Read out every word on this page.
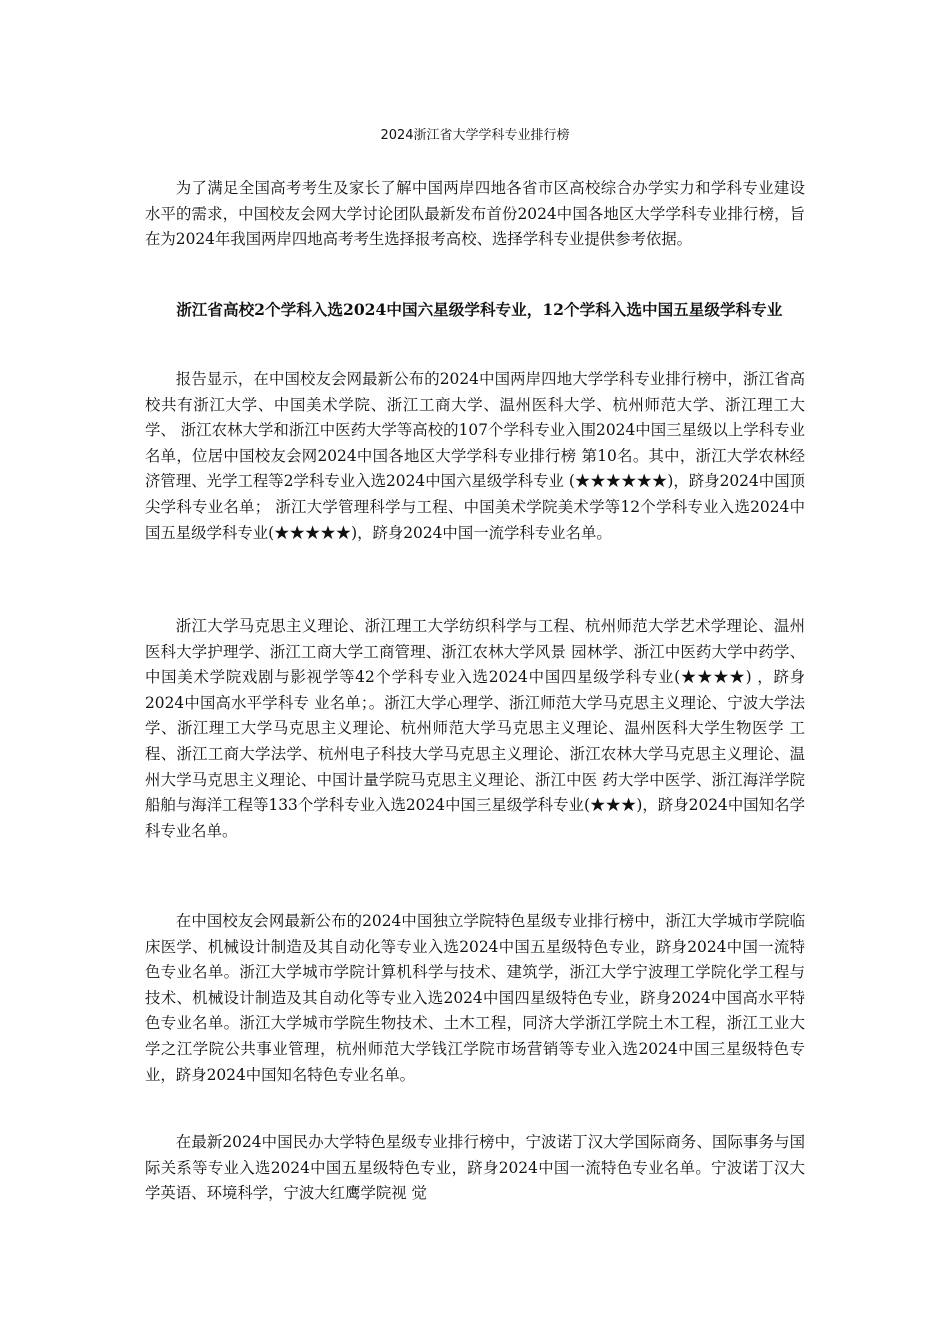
2024浙江省大学学科专业排行榜

为了满足全国高考考生及家长了解中国两岸四地各省市区高校综合办学实力和学科专业建设水平的需求，中国校友会网大学讨论团队最新发布首份2024中国各地区大学学科专业排行榜，旨在为2024年我国两岸四地高考考生选择报考高校、选择学科专业提供参考依据。

浙江省高校2个学科入选2024中国六星级学科专业，12个学科入选中国五星级学科专业

报告显示，在中国校友会网最新公布的2024中国两岸四地大学学科专业排行榜中，浙江省高校共有浙江大学、中国美术学院、浙江工商大学、温州医科大学、杭州师范大学、浙江理工大学、 浙江农林大学和浙江中医药大学等高校的107个学科专业入围2024中国三星级以上学科专业名单，位居中国校友会网2024中国各地区大学学科专业排行榜 第10名。其中，浙江大学农林经济管理、光学工程等2学科专业入选2024中国六星级学科专业 (★★★★★★)，跻身2024中国顶尖学科专业名单； 浙江大学管理科学与工程、中国美术学院美术学等12个学科专业入选2024中国五星级学科专业(★★★★★)，跻身2024中国一流学科专业名单。

浙江大学马克思主义理论、浙江理工大学纺织科学与工程、杭州师范大学艺术学理论、温州医科大学护理学、浙江工商大学工商管理、浙江农林大学风景 园林学、浙江中医药大学中药学、中国美术学院戏剧与影视学等42个学科专业入选2024中国四星级学科专业(★★★★) ，跻身2024中国高水平学科专 业名单；。浙江大学心理学、浙江师范大学马克思主义理论、宁波大学法学、浙江理工大学马克思主义理论、杭州师范大学马克思主义理论、温州医科大学生物医学 工程、浙江工商大学法学、杭州电子科技大学马克思主义理论、浙江农林大学马克思主义理论、温州大学马克思主义理论、中国计量学院马克思主义理论、浙江中医 药大学中医学、浙江海洋学院船舶与海洋工程等133个学科专业入选2024中国三星级学科专业(★★★)，跻身2024中国知名学科专业名单。

在中国校友会网最新公布的2024中国独立学院特色星级专业排行榜中，浙江大学城市学院临床医学、机械设计制造及其自动化等专业入选2024中国五星级特色专业，跻身2024中国一流特色专业名单。浙江大学城市学院计算机科学与技术、建筑学，浙江大学宁波理工学院化学工程与技术、机械设计制造及其自动化等专业入选2024中国四星级特色专业，跻身2024中国高水平特色专业名单。浙江大学城市学院生物技术、土木工程，同济大学浙江学院土木工程，浙江工业大学之江学院公共事业管理，杭州师范大学钱江学院市场营销等专业入选2024中国三星级特色专业，跻身2024中国知名特色专业名单。

在最新2024中国民办大学特色星级专业排行榜中，宁波诺丁汉大学国际商务、国际事务与国际关系等专业入选2024中国五星级特色专业，跻身2024中国一流特色专业名单。宁波诺丁汉大学英语、环境科学，宁波大红鹰学院视 觉
